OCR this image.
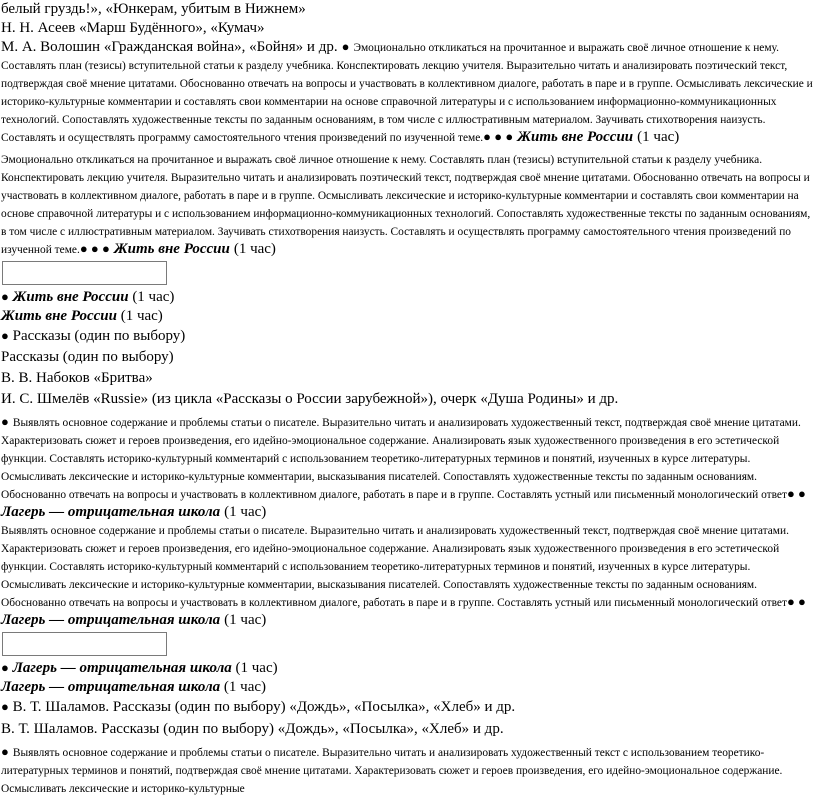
белый груздь!», «Юнкерам, убитым в Нижнем»
Н. Н. Асеев «Марш Будённого», «Кумач»
М. А. Волошин «Гражданская война», «Бойня» и др. ● Эмоционально откликаться на прочитанное и выражать своё личное отношение к нему. Составлять план (тезисы) вступительной статьи к разделу учебника. Конспектировать лекцию учителя. Выразительно читать и анализировать поэтический текст, подтверждая своё мнение цитатами. Обоснованно отвечать на вопросы и участвовать в коллективном диалоге, работать в паре и в группе. Осмысливать лексические и историко-культурные комментарии и составлять свои комментарии на основе справочной литературы и с использованием информационно-коммуникационных технологий. Сопоставлять художественные тексты по заданным основаниям, в том числе с иллюстративным материалом. Заучивать стихотворения наизусть. Составлять и осуществлять программу самостоятельного чтения произведений по изученной теме.● ● ● Жить вне России (1 час)
Эмоционально откликаться на прочитанное и выражать своё личное отношение к нему. Составлять план (тезисы) вступительной статьи к разделу учебника. Конспектировать лекцию учителя. Выразительно читать и анализировать поэтический текст, подтверждая своё мнение цитатами. Обоснованно отвечать на вопросы и участвовать в коллективном диалоге, работать в паре и в группе. Осмысливать лексические и историко-культурные комментарии и составлять свои комментарии на основе справочной литературы и с использованием информационно-коммуникационных технологий. Сопоставлять художественные тексты по заданным основаниям, в том числе с иллюстративным материалом. Заучивать стихотворения наизусть. Составлять и осуществлять программу самостоятельного чтения произведений по изученной теме.● ● ● Жить вне России (1 час)
● Жить вне России (1 час)
Жить вне России (1 час)
● Рассказы (один по выбору)
Рассказы (один по выбору)
В. В. Набоков «Бритва»
И. С. Шмелёв «Russie» (из цикла «Рассказы о России зарубежной»), очерк «Душа Родины» и др.
● Выявлять основное содержание и проблемы статьи о писателе. Выразительно читать и анализировать художественный текст, подтверждая своё мнение цитатами. Характеризовать сюжет и героев произведения, его идейно-эмоциональное содержание. Анализировать язык художественного произведения в его эстетической функции. Составлять историко-культурный комментарий с использованием теоретико-литературных терминов и понятий, изученных в курсе литературы. Осмысливать лексические и историко-культурные комментарии, высказывания писателей. Сопоставлять художественные тексты по заданным основаниям. Обоснованно отвечать на вопросы и участвовать в коллективном диалоге, работать в паре и в группе. Составлять устный или письменный монологический ответ● ● Лагерь — отрицательная школа (1 час)
Выявлять основное содержание и проблемы статьи о писателе. Выразительно читать и анализировать художественный текст, подтверждая своё мнение цитатами. Характеризовать сюжет и героев произведения, его идейно-эмоциональное содержание. Анализировать язык художественного произведения в его эстетической функции. Составлять историко-культурный комментарий с использованием теоретико-литературных терминов и понятий, изученных в курсе литературы. Осмысливать лексические и историко-культурные комментарии, высказывания писателей. Сопоставлять художественные тексты по заданным основаниям. Обоснованно отвечать на вопросы и участвовать в коллективном диалоге, работать в паре и в группе. Составлять устный или письменный монологический ответ● ● Лагерь — отрицательная школа (1 час)
● Лагерь — отрицательная школа (1 час)
Лагерь — отрицательная школа (1 час)
● В. Т. Шаламов. Рассказы (один по выбору) «Дождь», «Посылка», «Хлеб» и др.
В. Т. Шаламов. Рассказы (один по выбору) «Дождь», «Посылка», «Хлеб» и др.
● Выявлять основное содержание и проблемы статьи о писателе. Выразительно читать и анализировать художественный текст с использованием теоретико-литературных терминов и понятий, подтверждая своё мнение цитатами. Характеризовать сюжет и героев произведения, его идейно-эмоциональное содержание. Осмысливать лексические и историко-культурные
